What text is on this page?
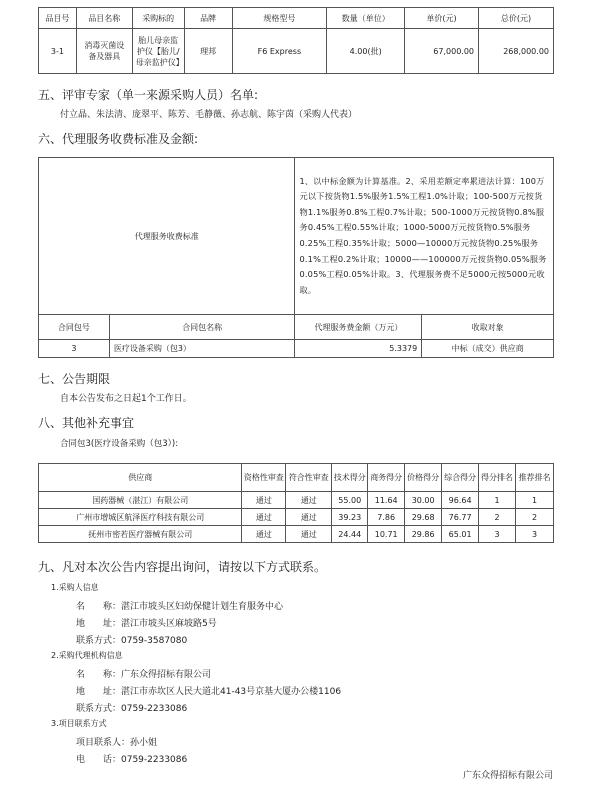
品目号	品目名称	采购标的	品牌	规格型号	数量（单位）	单价(元)	总价(元)
3-1	消毒灭菌设备及器具	胎儿母亲监护仪【胎儿/母亲监护仪】	理邦	F6 Express	4.00(批)	67,000.00	268,000.00
五、评审专家（单一来源采购人员）名单:
付立晶、朱法清、庞翠平、陈芳、毛静薇、孙志航、陈宇茵（采购人代表）
六、代理服务收费标准及金额:
代理服务收费标准		1、以中标金额为计算基准。2、采用差额定率累进法计算：100万元以下按货物1.5%服务1.5%工程1.0%计取；100-500万元按货物1.1%服务0.8%工程0.7%计取；500-1000万元按货物0.8%服务0.45%工程0.55%计取；1000-5000万元按货物0.5%服务0.25%工程0.35%计取；5000—10000万元按货物0.25%服务0.1%工程0.2%计取；10000——100000万元按货物0.05%服务0.05%工程0.05%计取。3、代理服务费不足5000元按5000元收取。	
合同包号	合同包名称	代理服务费金额（万元）	收取对象
3	医疗设备采购（包3）	5.3379	中标（成交）供应商
七、公告期限
自本公告发布之日起1个工作日。
八、其他补充事宜
合同包3(医疗设备采购（包3）):
供应商	资格性审查	符合性审查	技术得分	商务得分	价格得分	综合得分	得分排名	推荐排名
国药器械（湛江）有限公司	通过	通过	55.00	11.64	30.00	96.64	1	1
广州市增城区航泽医疗科技有限公司	通过	通过	39.23	7.86	29.68	76.77	2	2
抚州市密若医疗器械有限公司	通过	通过	24.44	10.71	29.86	65.01	3	3
九、凡对本次公告内容提出询问，请按以下方式联系。
1.采购人信息
名　　称：湛江市坡头区妇幼保健计划生育服务中心
地　　址：湛江市坡头区麻坡路5号
联系方式：0759-3587080
2.采购代理机构信息
名　　称：广东众得招标有限公司
地　　址：湛江市赤坎区人民大道北41-43号京基大厦办公楼1106
联系方式：0759-2233086
3.项目联系方式
项目联系人：孙小姐
电　　话：0759-2233086
广东众得招标有限公司
